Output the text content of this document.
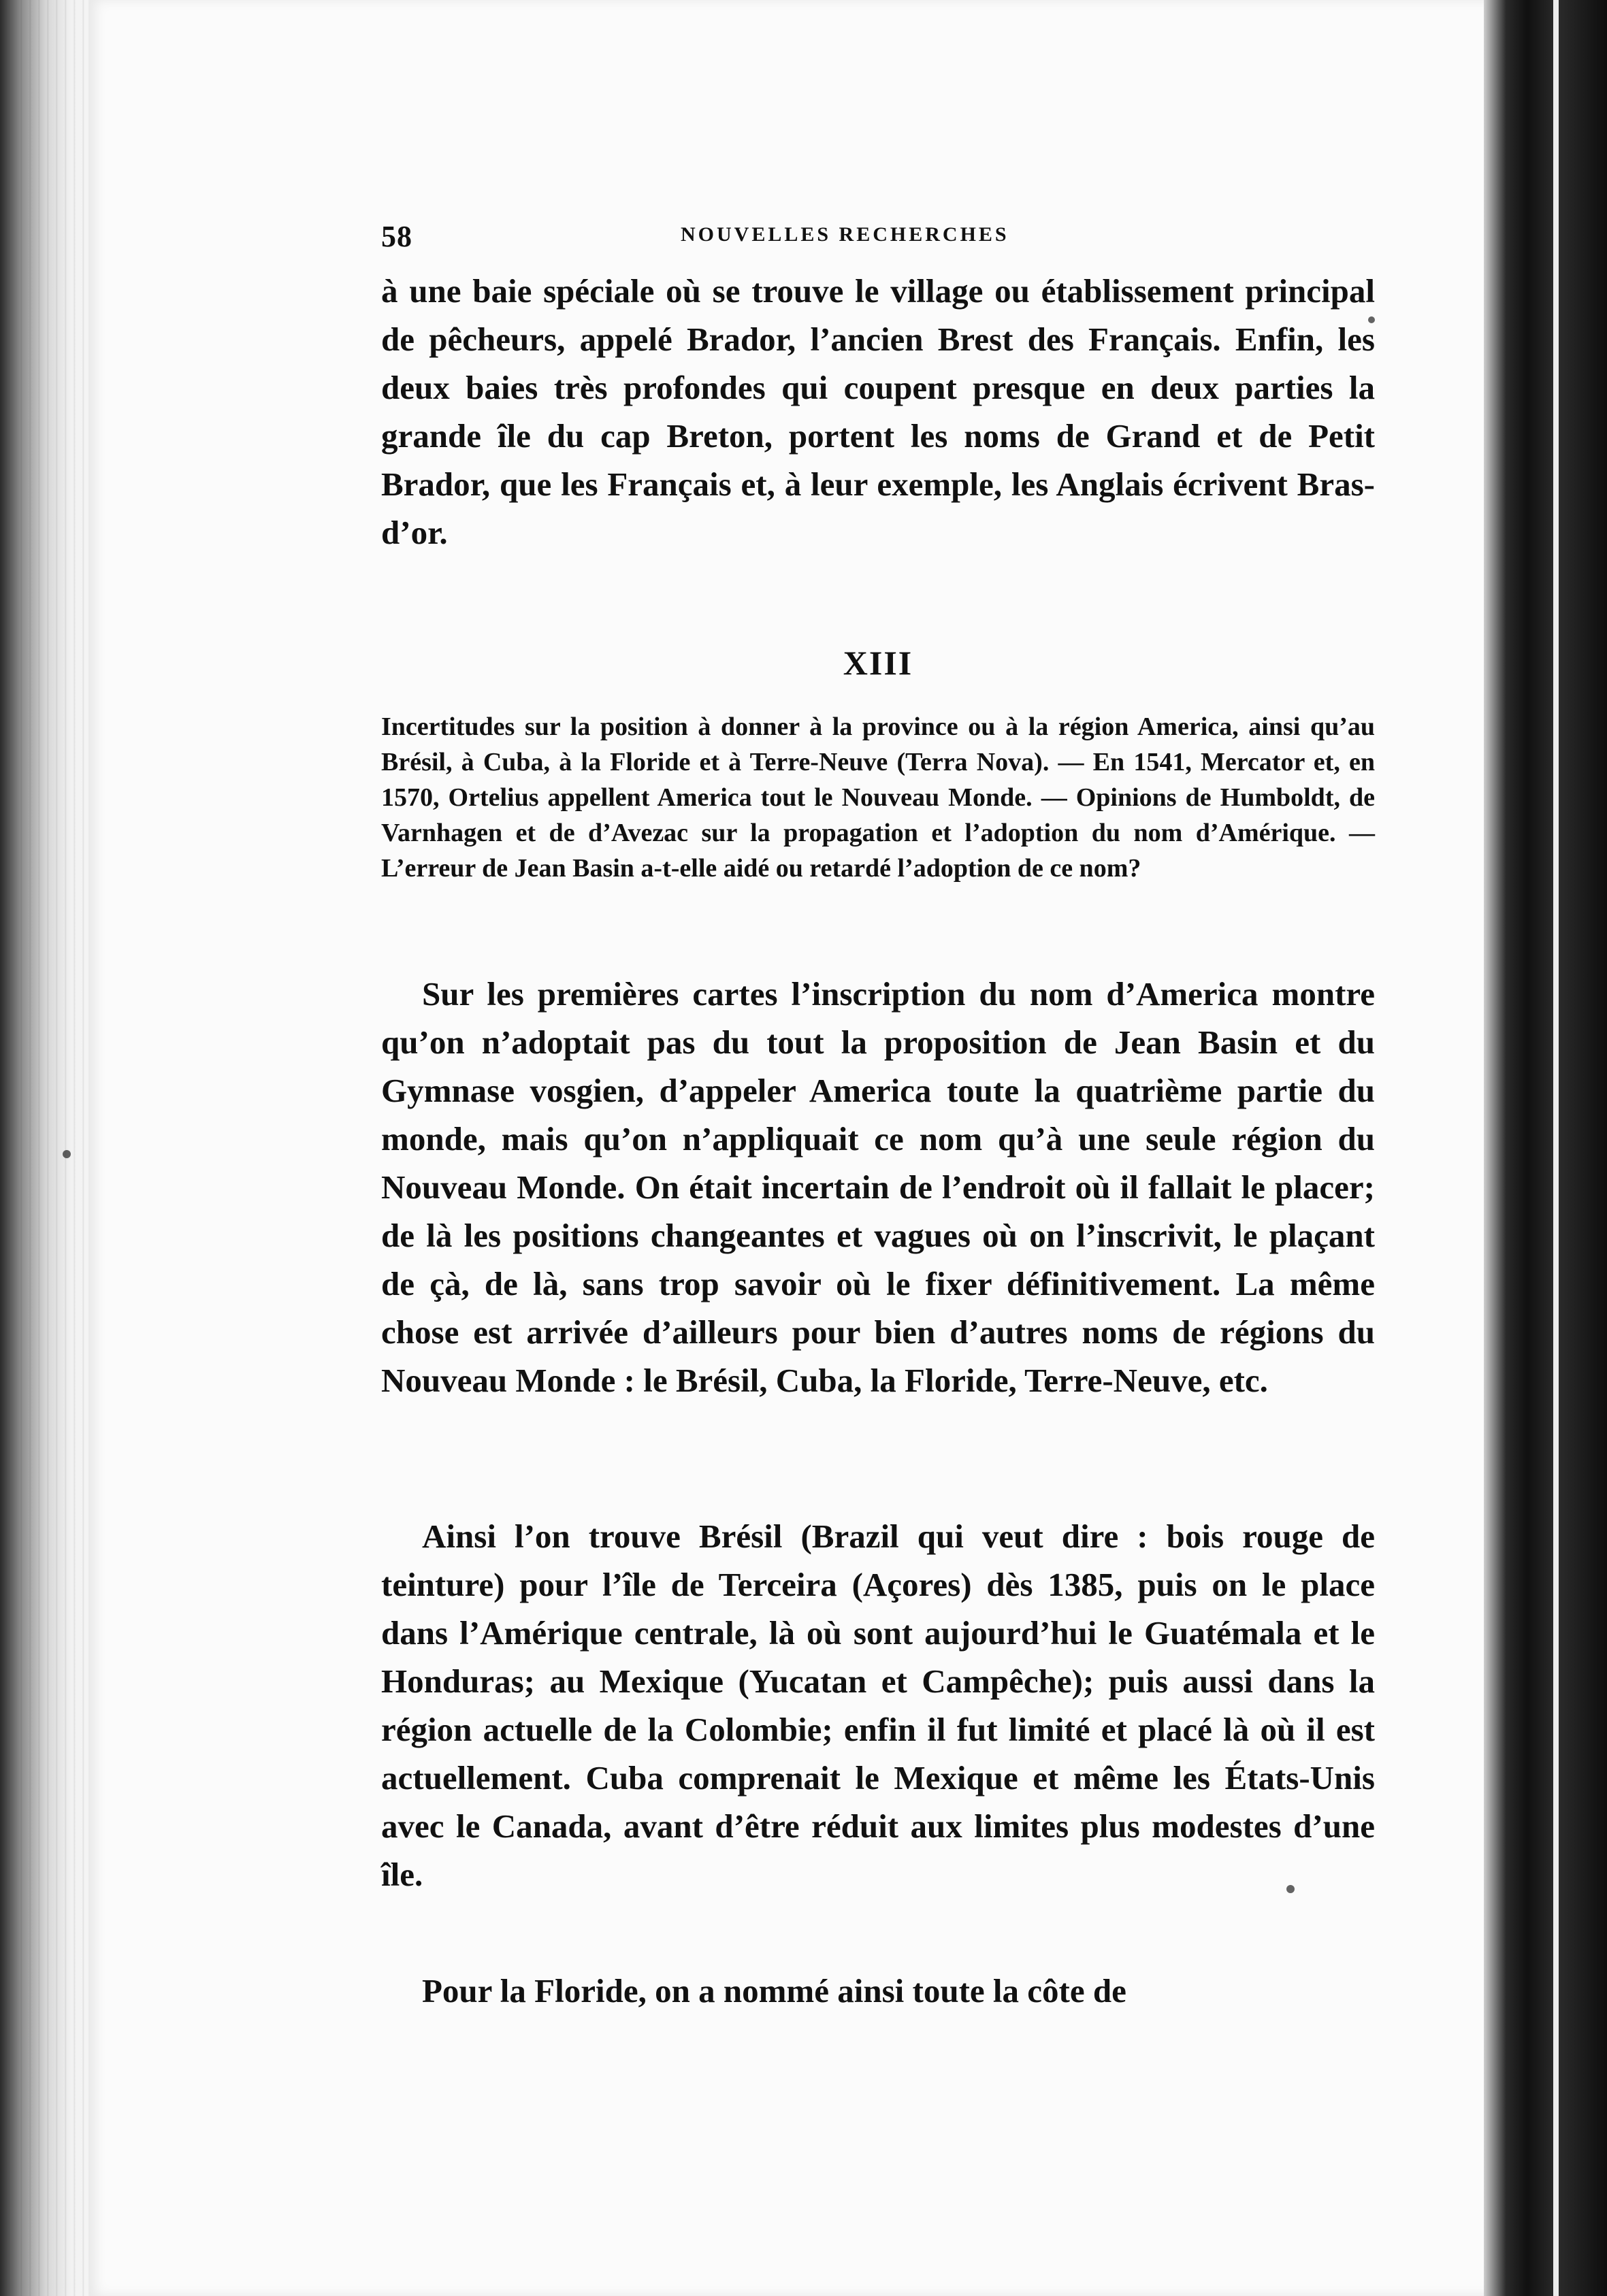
58	NOUVELLES RECHERCHES
à une baie spéciale où se trouve le village ou établissement principal de pêcheurs, appelé Brador, l’ancien Brest des Français. Enfin, les deux baies très profondes qui coupent presque en deux parties la grande île du cap Breton, portent les noms de Grand et de Petit Brador, que les Français et, à leur exemple, les Anglais écrivent Bras-d’or.
XIII
Incertitudes sur la position à donner à la province ou à la région America, ainsi qu’au Brésil, à Cuba, à la Floride et à Terre-Neuve (Terra Nova). — En 1541, Mercator et, en 1570, Ortelius appellent America tout le Nouveau Monde. — Opinions de Humboldt, de Varnhagen et de d’Avezac sur la propagation et l’adoption du nom d’Amérique. — L’erreur de Jean Basin a-t-elle aidé ou retardé l’adoption de ce nom?
Sur les premières cartes l’inscription du nom d’America montre qu’on n’adoptait pas du tout la proposition de Jean Basin et du Gymnase vosgien, d’appeler America toute la quatrième partie du monde, mais qu’on n’appliquait ce nom qu’à une seule région du Nouveau Monde. On était incertain de l’endroit où il fallait le placer; de là les positions changeantes et vagues où on l’inscrivit, le plaçant de çà, de là, sans trop savoir où le fixer définitivement. La même chose est arrivée d’ailleurs pour bien d’autres noms de régions du Nouveau Monde : le Brésil, Cuba, la Floride, Terre-Neuve, etc.
Ainsi l’on trouve Brésil (Brazil qui veut dire : bois rouge de teinture) pour l’île de Terceira (Açores) dès 1385, puis on le place dans l’Amérique centrale, là où sont aujourd’hui le Guatémala et le Honduras; au Mexique (Yucatan et Campêche); puis aussi dans la région actuelle de la Colombie; enfin il fut limité et placé là où il est actuellement. Cuba comprenait le Mexique et même les États-Unis avec le Canada, avant d’être réduit aux limites plus modestes d’une île.
Pour la Floride, on a nommé ainsi toute la côte de
